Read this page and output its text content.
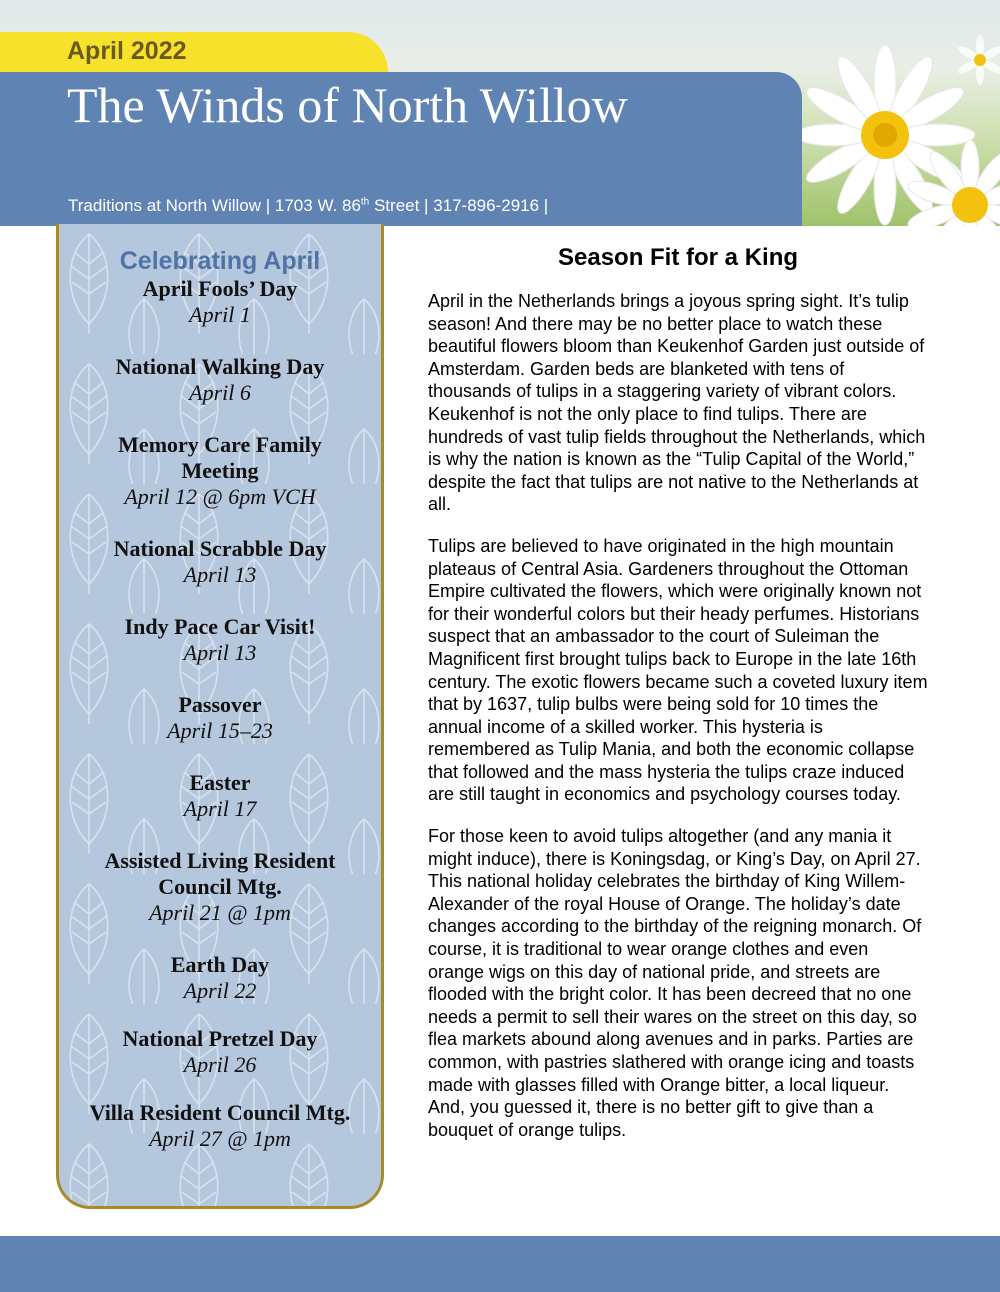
April 2022
The Winds of North Willow
Traditions at North Willow | 1703 W. 86th Street | 317-896-2916 |
Celebrating April
April Fools’ Day
April 1
National Walking Day
April 6
Memory Care Family Meeting
April 12 @ 6pm VCH
National Scrabble Day
April 13
Indy Pace Car Visit!
April 13
Passover
April 15–23
Easter
April 17
Assisted Living Resident Council Mtg.
April 21 @ 1pm
Earth Day
April 22
National Pretzel Day
April 26
Villa Resident Council Mtg.
April 27 @ 1pm
Season Fit for a King

April in the Netherlands brings a joyous spring sight. It’s tulip season! And there may be no better place to watch these beautiful flowers bloom than Keukenhof Garden just outside of Amsterdam. Garden beds are blanketed with tens of thousands of tulips in a staggering variety of vibrant colors. Keukenhof is not the only place to find tulips. There are hundreds of vast tulip fields throughout the Netherlands, which is why the nation is known as the “Tulip Capital of the World,” despite the fact that tulips are not native to the Netherlands at all.

Tulips are believed to have originated in the high mountain plateaus of Central Asia. Gardeners throughout the Ottoman Empire cultivated the flowers, which were originally known not for their wonderful colors but their heady perfumes. Historians suspect that an ambassador to the court of Suleiman the Magnificent first brought tulips back to Europe in the late 16th century. The exotic flowers became such a coveted luxury item that by 1637, tulip bulbs were being sold for 10 times the annual income of a skilled worker. This hysteria is remembered as Tulip Mania, and both the economic collapse that followed and the mass hysteria the tulips craze induced are still taught in economics and psychology courses today.

For those keen to avoid tulips altogether (and any mania it might induce), there is Koningsdag, or King’s Day, on April 27. This national holiday celebrates the birthday of King Willem-Alexander of the royal House of Orange. The holiday’s date changes according to the birthday of the reigning monarch. Of course, it is traditional to wear orange clothes and even orange wigs on this day of national pride, and streets are flooded with the bright color. It has been decreed that no one needs a permit to sell their wares on the street on this day, so flea markets abound along avenues and in parks. Parties are common, with pastries slathered with orange icing and toasts made with glasses filled with Orange bitter, a local liqueur. And, you guessed it, there is no better gift to give than a bouquet of orange tulips.
